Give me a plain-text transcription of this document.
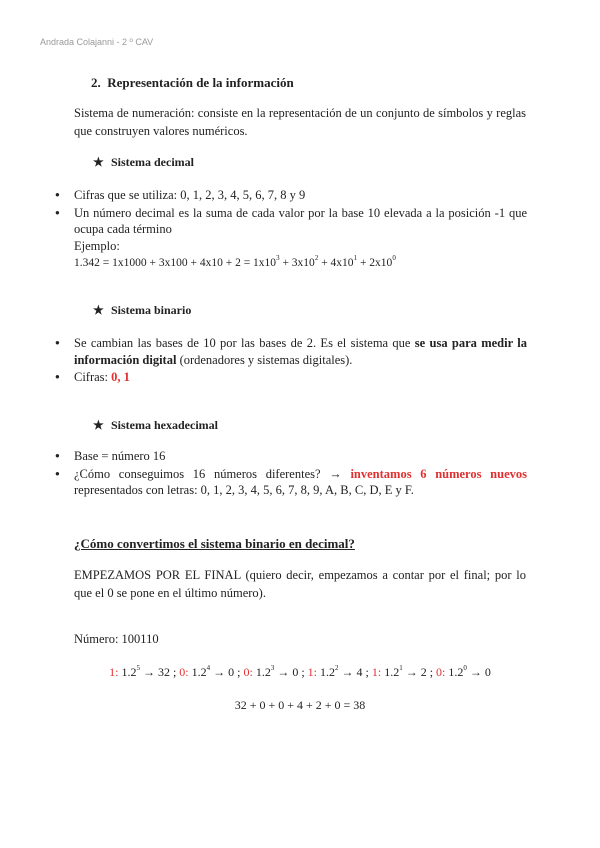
Andrada Colajanni - 2 º CAV
2. Representación de la información
Sistema de numeración: consiste en la representación de un conjunto de símbolos y reglas que construyen valores numéricos.
★ Sistema decimal
● Cifras que se utiliza: 0, 1, 2, 3, 4, 5, 6, 7, 8 y 9
● Un número decimal es la suma de cada valor por la base 10 elevada a la posición -1 que ocupa cada término
Ejemplo:
$1.342 = 1x1000 + 3x100 + 4x10 + 2 = 1x10^3 + 3x10^2 + 4x10^1 + 2x10^0$
★ Sistema binario
● Se cambian las bases de 10 por las bases de 2. Es el sistema que se usa para medir la información digital (ordenadores y sistemas digitales).
● Cifras: 0, 1
★ Sistema hexadecimal
● Base = número 16
● ¿Cómo conseguimos 16 números diferentes? → inventamos 6 números nuevos representados con letras: 0, 1, 2, 3, 4, 5, 6, 7, 8, 9, A, B, C, D, E y F.
¿Cómo convertimos el sistema binario en decimal?
EMPEZAMOS POR EL FINAL (quiero decir, empezamos a contar por el final; por lo que el 0 se pone en el último número).
Número: 100110
1: $1.2^5 \to 32$ ; 0: $1.2^4 \to 0$ ; 0: $1.2^3 \to 0$ ; 1: $1.2^2 \to 4$ ; 1: $1.2^1 \to 2$ ; 0: $1.2^0 \to 0$
32 + 0 + 0 + 4 + 2 + 0 = 38
